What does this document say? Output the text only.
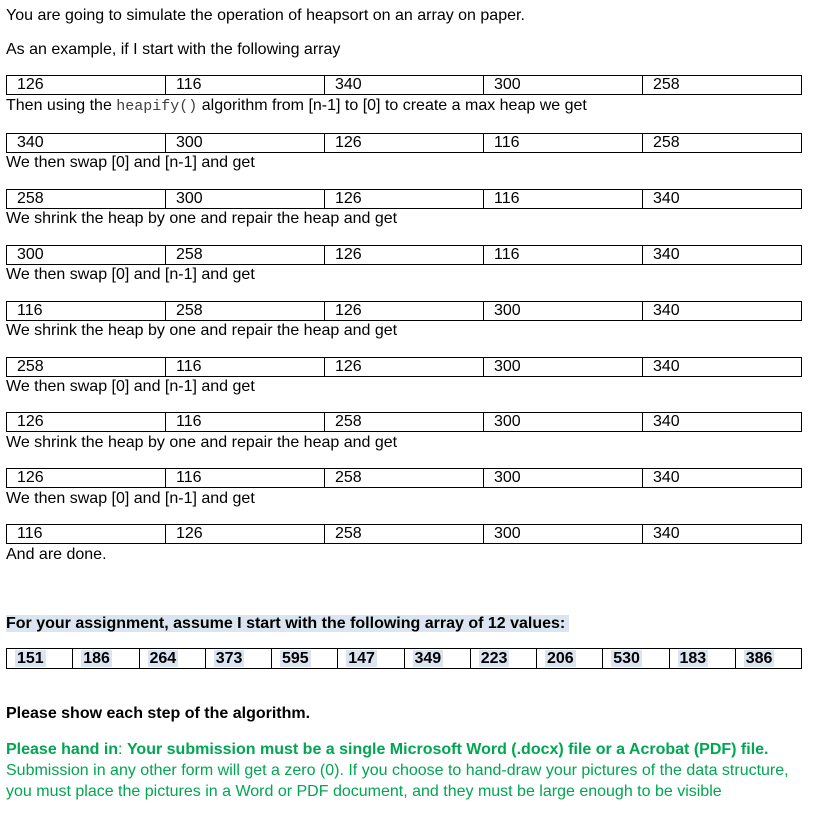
You are going to simulate the operation of heapsort on an array on paper.
As an example, if I start with the following array
126	116	340	300	258
Then using the heapify() algorithm from [n-1] to [0] to create a max heap we get
340	300	126	116	258
We then swap [0] and [n-1] and get
258	300	126	116	340
We shrink the heap by one and repair the heap and get
300	258	126	116	340
We then swap [0] and [n-1] and get
116	258	126	300	340
We shrink the heap by one and repair the heap and get
258	116	126	300	340
We then swap [0] and [n-1] and get
126	116	258	300	340
We shrink the heap by one and repair the heap and get
126	116	258	300	340
We then swap [0] and [n-1] and get
116	126	258	300	340
And are done.
For your assignment, assume I start with the following array of 12 values:
151	186	264	373	595	147	349	223	206	530	183	386
Please show each step of the algorithm.
Please hand in: Your submission must be a single Microsoft Word (.docx) file or a Acrobat (PDF) file. Submission in any other form will get a zero (0). If you choose to hand-draw your pictures of the data structure, you must place the pictures in a Word or PDF document, and they must be large enough to be visible
